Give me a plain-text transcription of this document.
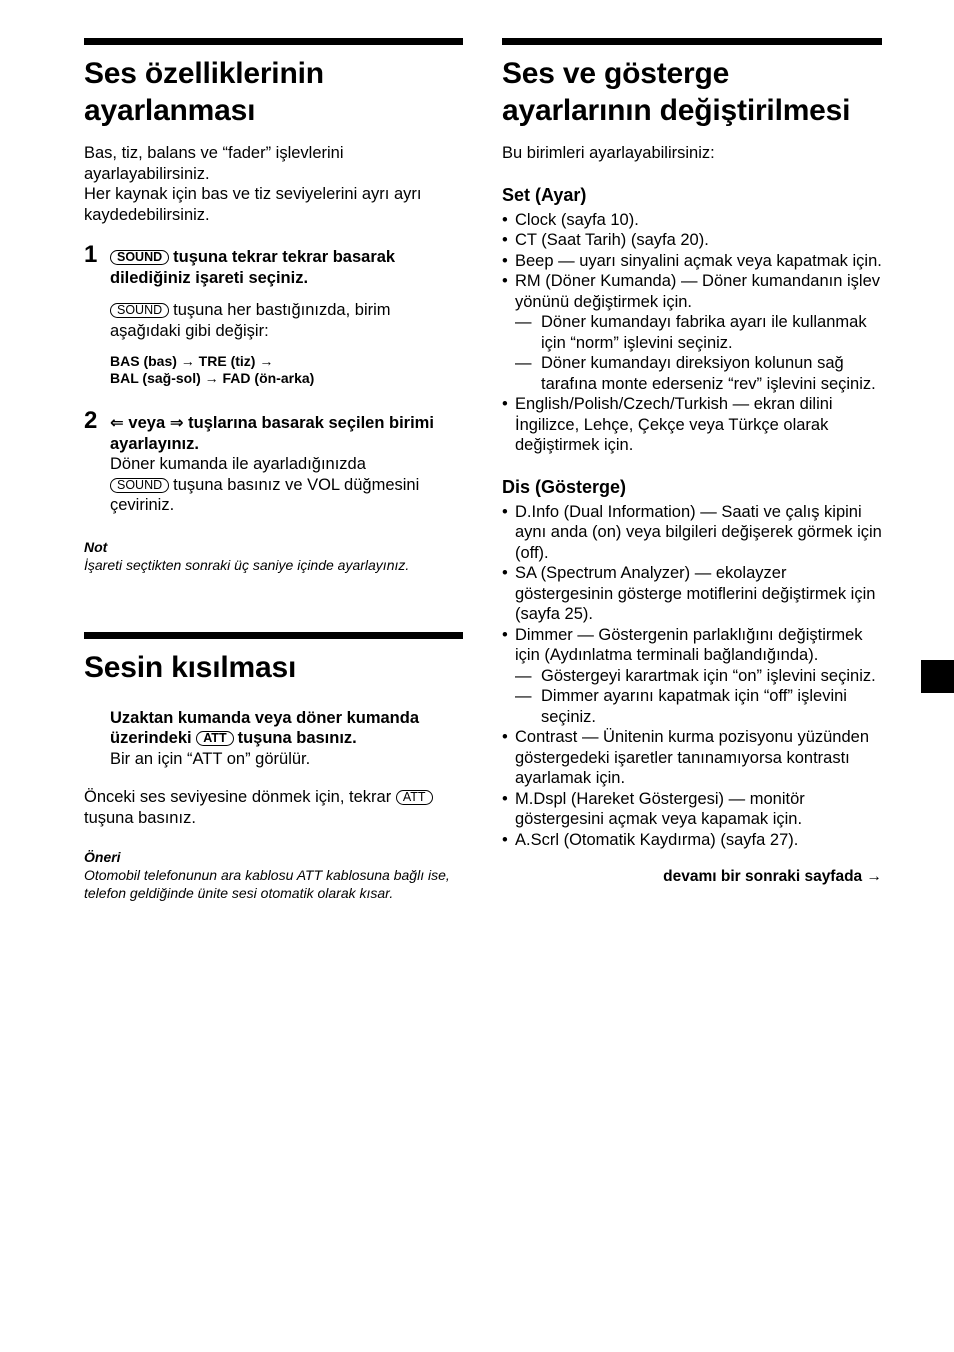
Ses özelliklerinin ayarlanması

Bas, tiz, balans ve “fader” işlevlerini ayarlayabilirsiniz.

Her kaynak için bas ve tiz seviyelerini ayrı ayrı kaydedebilirsiniz.

1	SOUND tuşuna tekrar tekrar basarak dilediğiniz işareti seçiniz.

SOUND tuşuna her bastığınızda, birim aşağıdaki gibi değişir:

BAS (bas) → TRE (tiz) →
BAL (sağ-sol) → FAD (ön-arka)
2 ⇐ veya ⇒ tuşlarına basarak seçilen birimi ayarlayınız.

Döner kumanda ile ayarladığınızda

SOUND tuşuna basınız ve VOL düğmesini çeviriniz.

Not
İşareti seçtikten sonraki üç saniye içinde ayarlayınız.
Sesin kısılması

Uzaktan kumanda veya döner kumanda üzerindeki ATT tuşuna basınız.

Bir an için “ATT on” görülür.

Önceki ses seviyesine dönmek için, tekrar ATTtuşuna basınız.

Öneri
Otomobil telefonunun ara kablosu ATT kablosuna bağlı ise, telefon geldiğinde ünite sesi otomatik olarak kısar.
Ses ve gösterge ayarlarının değiştirilmesi

Bu birimleri ayarlayabilirsiniz:

Set (Ayar)
• Clock (sayfa 10).
• CT (Saat Tarih) (sayfa 20).
• Beep — uyarı sinyalini açmak veya kapatmak için.
• RM (Döner Kumanda) — Döner kumandanın işlev yönünü değiştirmek için.
— Döner kumandayı fabrika ayarı ile kullanmak için “norm” işlevini seçiniz.
— Döner kumandayı direksiyon kolunun sağ tarafına monte ederseniz “rev” işlevini seçiniz.
• English/Polish/Czech/Turkish — ekran dilini İngilizce, Lehçe, Çekçe veya Türkçe olarak değiştirmek için.
Dis (Gösterge)
• D.Info (Dual Information) — Saati ve çalış kipini aynı anda (on) veya bilgileri değişerek görmek için (off).
• SA (Spectrum Analyzer) — ekolayzer göstergesinin gösterge motiflerini değiştirmek için (sayfa 25).
• Dimmer — Göstergenin parlaklığını değiştirmek için (Aydınlatma terminali bağlandığında).
— Göstergeyi karartmak için “on” işlevini seçiniz.
— Dimmer ayarını kapatmak için “off” işlevini seçiniz.
• Contrast — Ünitenin kurma pozisyonu yüzünden göstergedeki işaretler tanınamıyorsa kontrastı ayarlamak için.
• M.Dspl (Hareket Göstergesi) — monitör göstergesini açmak veya kapamak için.
• A.Scrl (Otomatik Kaydırma) (sayfa 27).
devamı bir sonraki sayfada →
